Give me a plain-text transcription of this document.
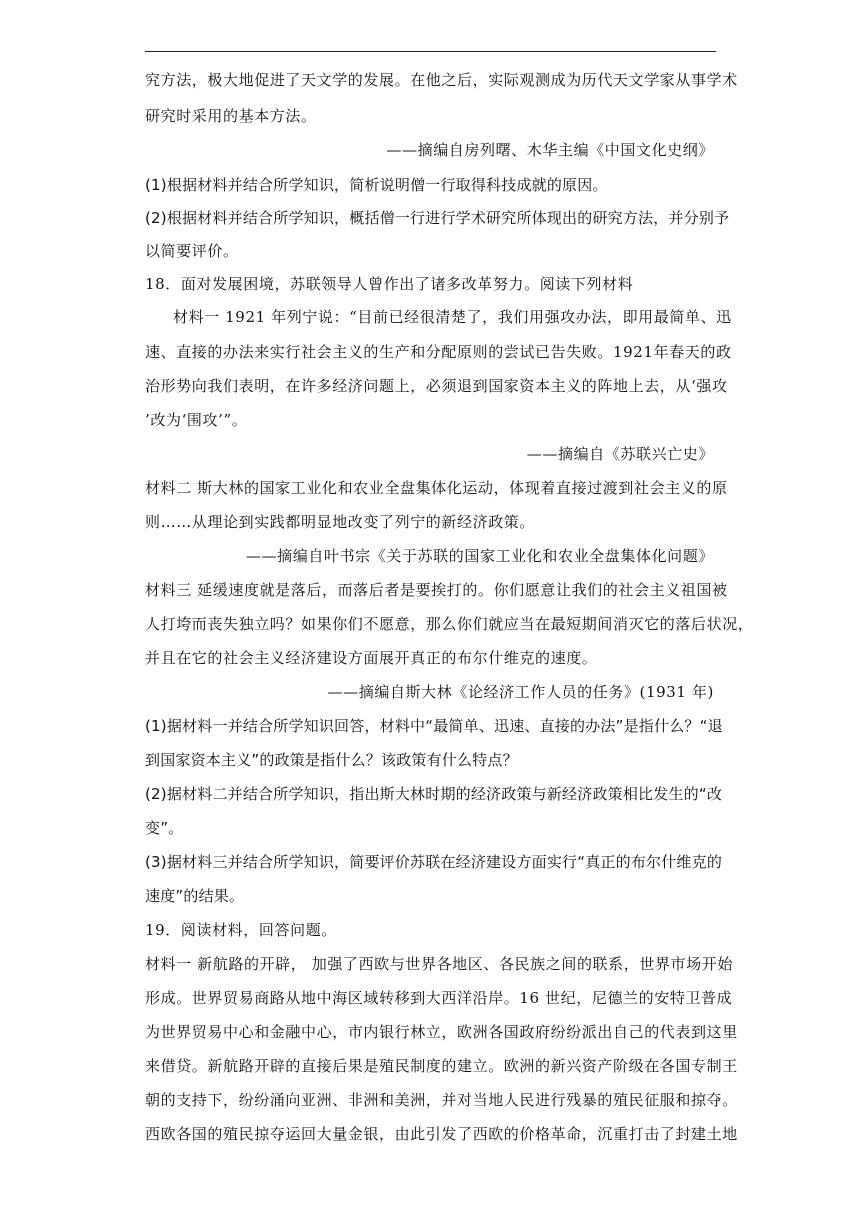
究方法，极大地促进了天文学的发展。在他之后，实际观测成为历代天文学家从事学术
研究时采用的基本方法。
——摘编自房列曙、木华主编《中国文化史纲》
(1)根据材料并结合所学知识，简析说明僧一行取得科技成就的原因。
(2)根据材料并结合所学知识，概括僧一行进行学术研究所体现出的研究方法，并分别予
以简要评价。
18．面对发展困境，苏联领导人曾作出了诸多改革努力。阅读下列材料
材料一 1921 年列宁说：“目前已经很清楚了，我们用强攻办法，即用最简单、迅
速、直接的办法来实行社会主义的生产和分配原则的尝试已告失败。1921年春天的政
治形势向我们表明，在许多经济问题上，必须退到国家资本主义的阵地上去，从‘强攻
’改为‘围攻’”。
——摘编自《苏联兴亡史》
材料二 斯大林的国家工业化和农业全盘集体化运动，体现着直接过渡到社会主义的原
则……从理论到实践都明显地改变了列宁的新经济政策。
——摘编自叶书宗《关于苏联的国家工业化和农业全盘集体化问题》
材料三 延缓速度就是落后，而落后者是要挨打的。你们愿意让我们的社会主义祖国被
人打垮而丧失独立吗？如果你们不愿意，那么你们就应当在最短期间消灭它的落后状况，
并且在它的社会主义经济建设方面展开真正的布尔什维克的速度。
——摘编自斯大林《论经济工作人员的任务》(1931 年)
(1)据材料一并结合所学知识回答，材料中“最简单、迅速、直接的办法”是指什么？“退
到国家资本主义”的政策是指什么？该政策有什么特点？
(2)据材料二并结合所学知识，指出斯大林时期的经济政策与新经济政策相比发生的“改
变”。
(3)据材料三并结合所学知识，简要评价苏联在经济建设方面实行“真正的布尔什维克的
速度”的结果。
19．阅读材料，回答问题。
材料一 新航路的开辟， 加强了西欧与世界各地区、各民族之间的联系，世界市场开始
形成。世界贸易商路从地中海区域转移到大西洋沿岸。16 世纪，尼德兰的安特卫普成
为世界贸易中心和金融中心，市内银行林立，欧洲各国政府纷纷派出自己的代表到这里
来借贷。新航路开辟的直接后果是殖民制度的建立。欧洲的新兴资产阶级在各国专制王
朝的支持下，纷纷涌向亚洲、非洲和美洲，并对当地人民进行残暴的殖民征服和掠夺。
西欧各国的殖民掠夺运回大量金银，由此引发了西欧的价格革命，沉重打击了封建土地
